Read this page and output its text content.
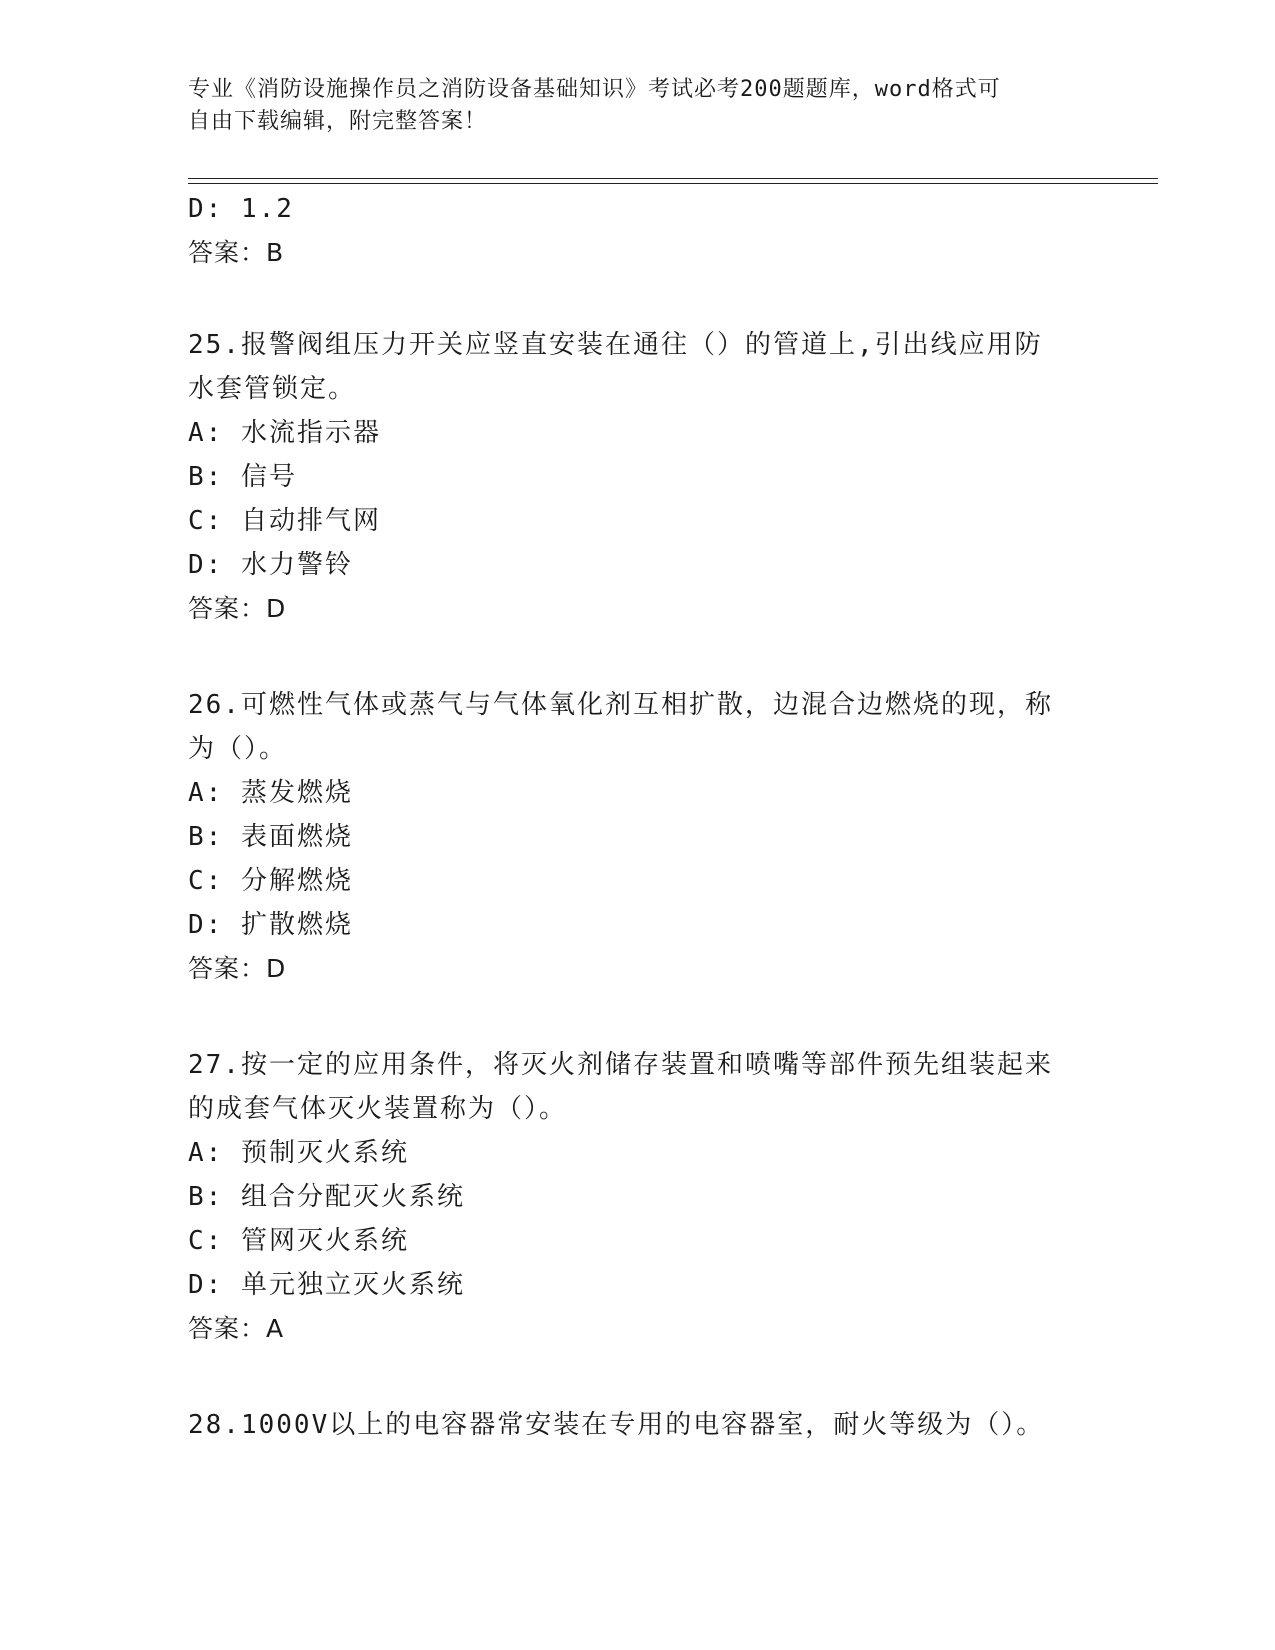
专业《消防设施操作员之消防设备基础知识》考试必考200题题库，word格式可
自由下载编辑，附完整答案！
D: 1.2
答案：B
25.报警阀组压力开关应竖直安装在通往（）的管道上,引出线应用防
水套管锁定。
A: 水流指示器
B: 信号
C: 自动排气网
D: 水力警铃
答案：D
26.可燃性气体或蒸气与气体氧化剂互相扩散，边混合边燃烧的现，称
为（）。
A: 蒸发燃烧
B: 表面燃烧
C: 分解燃烧
D: 扩散燃烧
答案：D
27.按一定的应用条件，将灭火剂储存装置和喷嘴等部件预先组装起来
的成套气体灭火装置称为（）。
A: 预制灭火系统
B: 组合分配灭火系统
C: 管网灭火系统
D: 单元独立灭火系统
答案：A
28.1000V以上的电容器常安装在专用的电容器室，耐火等级为（）。
